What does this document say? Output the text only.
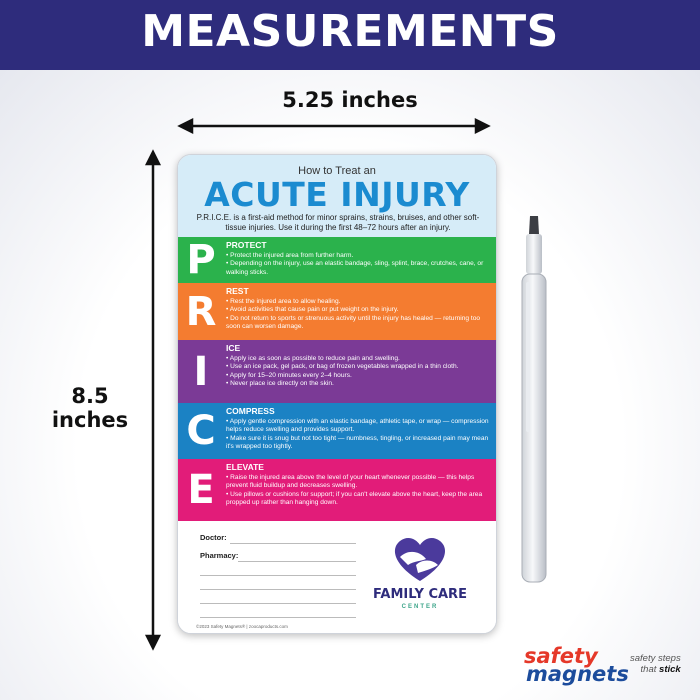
MEASUREMENTS
5.25 inches
8.5 inches
How to Treat an
ACUTE INJURY
P.R.I.C.E. is a first-aid method for minor sprains, strains, bruises, and other soft-tissue injuries. Use it during the first 48–72 hours after an injury.
P	PROTECT
• Protect the injured area from further harm.
• Depending on the injury, use an elastic bandage, sling, splint, brace, crutches, cane, or walking sticks.
R	REST
• Rest the injured area to allow healing.
• Avoid activities that cause pain or put weight on the injury.
• Do not return to sports or strenuous activity until the injury has healed — returning too soon can worsen damage.
I
ICE
• Apply ice as soon as possible to reduce pain and swelling.
• Use an ice pack, gel pack, or bag of frozen vegetables wrapped in a thin cloth.
• Apply for 15–20 minutes every 2–4 hours.
• Never place ice directly on the skin.
C	COMPRESS
• Apply gentle compression with an elastic bandage, athletic tape, or wrap — compression helps reduce swelling and provides support.
• Make sure it is snug but not too tight — numbness, tingling, or increased pain may mean it's wrapped too tightly.
E	ELEVATE
• Raise the injured area above the level of your heart whenever possible — this helps prevent fluid buildup and decreases swelling.
• Use pillows or cushions for support; if you can't elevate above the heart, keep the area propped up rather than hanging down.
Doctor:
Pharmacy:
FAMILY CARE
CENTER
©2023 Safety Magnets® | zoocaproducts.com
safety
magnets
safety steps
that stick
